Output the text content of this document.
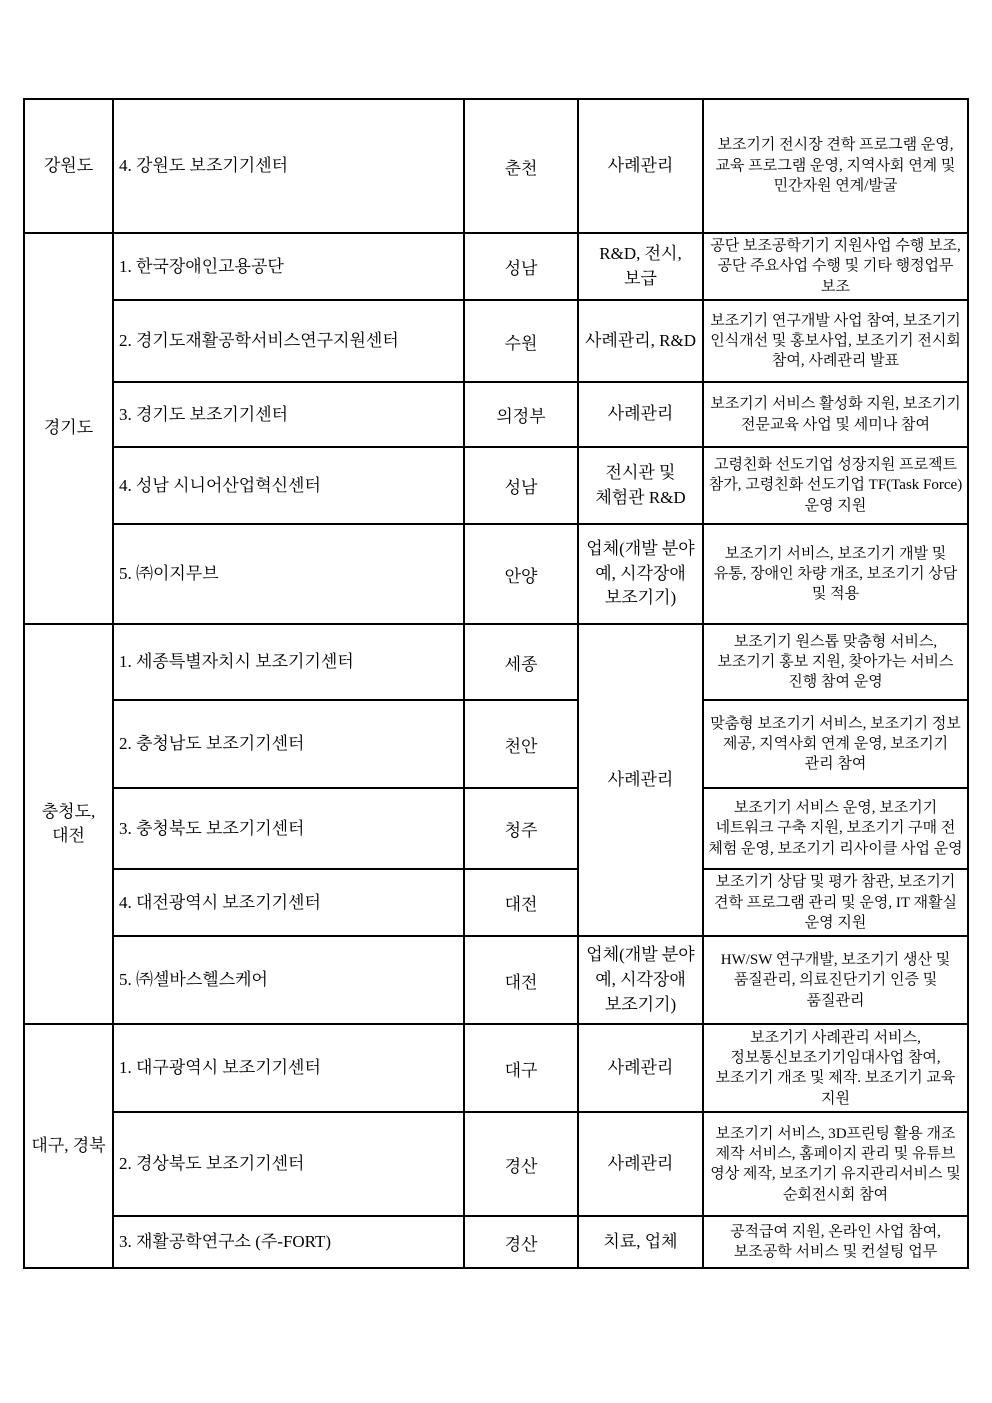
강원도	4. 강원도 보조기기센터	춘천	사례관리	보조기기 전시장 견학 프로그램 운영, 교육 프로그램 운영, 지역사회 연계 및 민간자원 연계/발굴
경기도	1. 한국장애인고용공단	성남	R&D, 전시, 보급	공단 보조공학기기 지원사업 수행 보조, 공단 주요사업 수행 및 기타 행정업무 보조
	2. 경기도재활공학서비스연구지원센터	수원	사례관리, R&D	보조기기 연구개발 사업 참여, 보조기기 인식개선 및 홍보사업, 보조기기 전시회 참여, 사례관리 발표
	3. 경기도 보조기기센터	의정부	사례관리	보조기기 서비스 활성화 지원, 보조기기 전문교육 사업 및 세미나 참여
	4. 성남 시니어산업혁신센터	성남	전시관 및 체험관 R&D	고령친화 선도기업 성장지원 프로젝트 참가, 고령친화 선도기업 TF(Task Force)운영 지원
	5. ㈜이지무브	안양	업체(개발 분야 예, 시각장애 보조기기)	보조기기 서비스, 보조기기 개발 및 유통, 장애인 차량 개조, 보조기기 상담 및 적용
충청도, 대전	1. 세종특별자치시 보조기기센터	세종	사례관리	보조기기 원스톱 맞춤형 서비스, 보조기기 홍보 지원, 찾아가는 서비스 진행 참여 운영
	2. 충청남도 보조기기센터	천안		맞춤형 보조기기 서비스, 보조기기 정보 제공, 지역사회 연계 운영, 보조기기 관리 참여
	3. 충청북도 보조기기센터	청주		보조기기 서비스 운영, 보조기기 네트워크 구축 지원, 보조기기 구매 전 체험 운영, 보조기기 리사이클 사업 운영
	4. 대전광역시 보조기기센터	대전		보조기기 상담 및 평가 참관, 보조기기 견학 프로그램 관리 및 운영, IT 재활실 운영 지원
	5. ㈜셀바스헬스케어	대전	업체(개발 분야 예, 시각장애 보조기기)	HW/SW 연구개발, 보조기기 생산 및 품질관리, 의료진단기기 인증 및 품질관리
대구, 경북	1. 대구광역시 보조기기센터	대구	사례관리	보조기기 사례관리 서비스, 정보통신보조기기임대사업 참여, 보조기기 개조 및 제작. 보조기기 교육 지원
	2. 경상북도 보조기기센터	경산	사례관리	보조기기 서비스, 3D프린팅 활용 개조 제작 서비스, 홈페이지 관리 및 유튜브 영상 제작, 보조기기 유지관리서비스 및 순회전시회 참여
	3. 재활공학연구소 (주-FORT)	경산	치료, 업체	공적급여 지원, 온라인 사업 참여, 보조공학 서비스 및 컨설팅 업무
